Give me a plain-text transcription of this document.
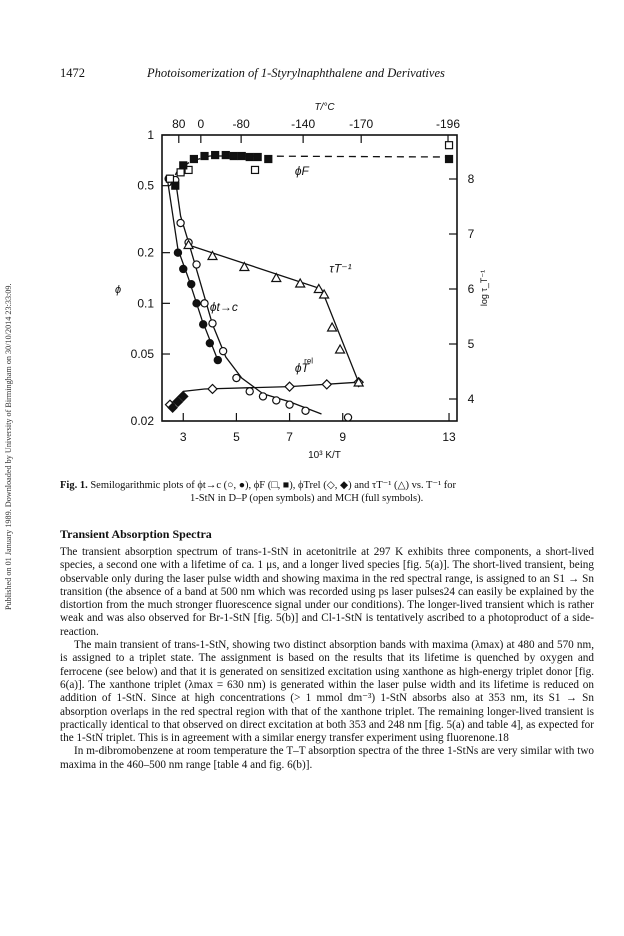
Published on 01 January 1989. Downloaded by University of Birmingham on 30/10/2014 23:33:09.
1472	Photoisomerization of 1-Styrylnaphthalene and Derivatives
3	5	7	9	13
80 0 -80	-140	-170	-196
T/°C
10³ K/T
1
0.5
0.2
0.1
0.05
0.02
ϕ
8
7
6
5
4
log τ_T⁻¹
ϕF
ϕt→c
τT⁻¹
ϕT
rel
Fig. 1. Semilogarithmic plots of ϕt→c (○, ●), ϕF (□, ■), ϕTrel (◇, ◆) and τT⁻¹ (△) vs. T⁻¹ for
1-StN in D–P (open symbols) and MCH (full symbols).
Transient Absorption Spectra

The transient absorption spectrum of trans-1-StN in acetonitrile at 297 K exhibits three components, a short-lived species, a second one with a lifetime of ca. 1 μs, and a longer lived species [fig. 5(a)]. The short-lived transient, being observable only during the laser pulse width and showing maxima in the red spectral range, is assigned to an S1 → Sn transition (the absence of a band at 500 nm which was recorded using ps laser pulses24 can easily be explained by the distortion from the much stronger fluorescence signal under our conditions). The longer-lived transient which is rather weak and was also observed for Br-1-StN [fig. 5(b)] and Cl-1-StN is tentatively ascribed to a photoproduct of a side-reaction.

The main transient of trans-1-StN, showing two distinct absorption bands with maxima (λmax) at 480 and 570 nm, is assigned to a triplet state. The assignment is based on the results that its lifetime is quenched by oxygen and ferrocene (see below) and that it is generated on sensitized excitation using xanthone as high-energy triplet donor [fig. 6(a)]. The xanthone triplet (λmax = 630 nm) is generated within the laser pulse width and its lifetime is reduced on addition of 1-StN. Since at high concentrations (> 1 mmol dm⁻³) 1-StN absorbs also at 353 nm, its S1 → Sn absorption overlaps in the red spectral region with that of the xanthone triplet. The remaining longer-lived transient is practically identical to that observed on direct excitation at both 353 and 248 nm [fig. 5(a) and table 4], as expected for the 1-StN triplet. This is in agreement with a similar energy transfer experiment using fluorenone.18

In m-dibromobenzene at room temperature the T–T absorption spectra of the three 1-StNs are very similar with two maxima in the 460–500 nm range [table 4 and fig. 6(b)].
